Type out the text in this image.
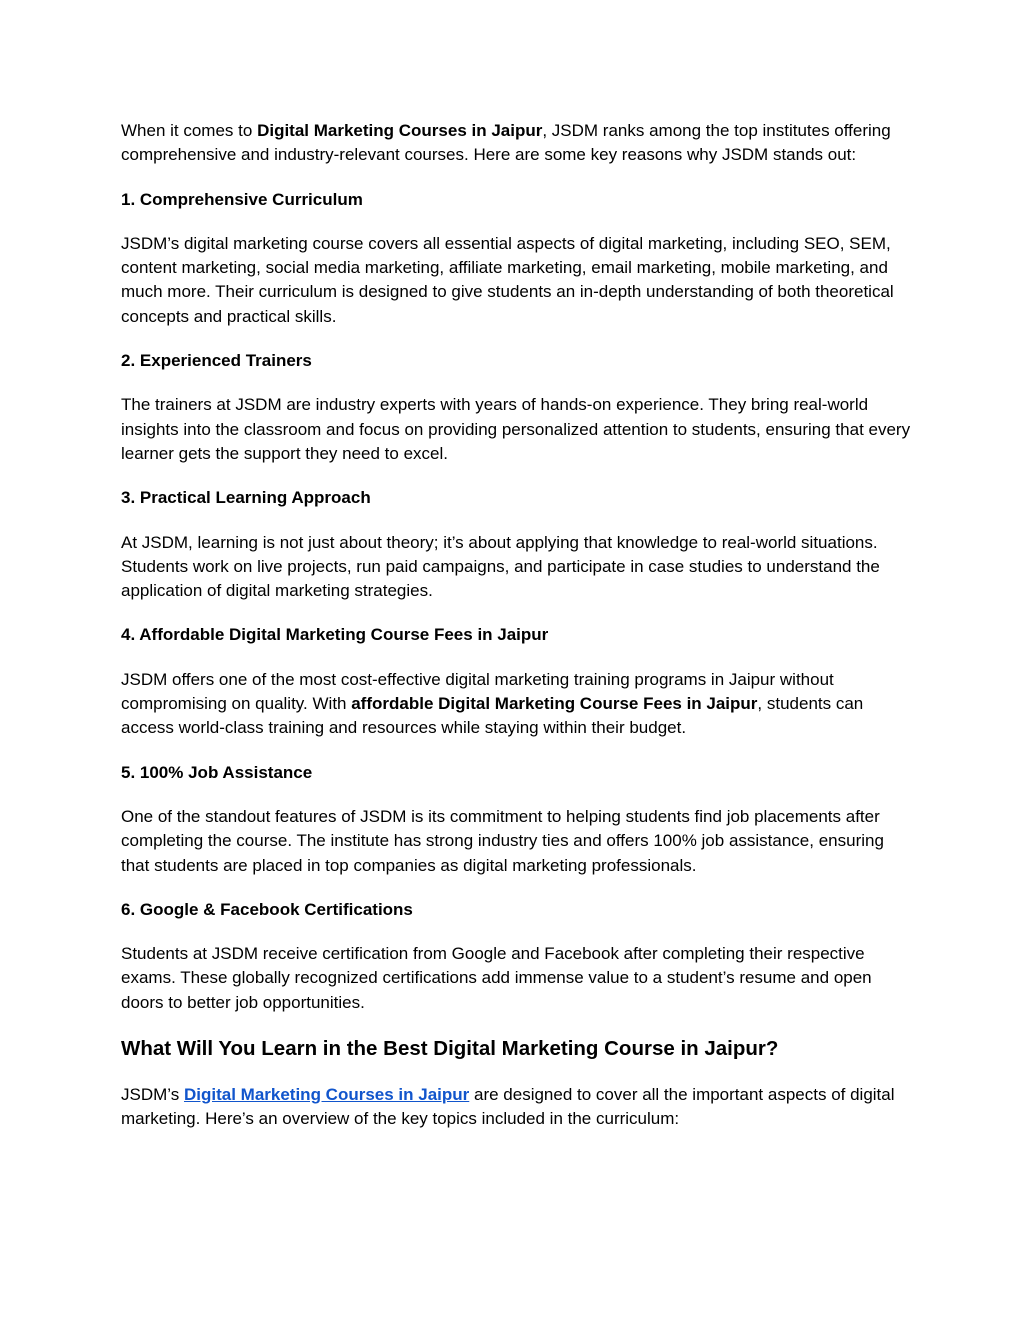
When it comes to Digital Marketing Courses in Jaipur, JSDM ranks among the top institutes offering comprehensive and industry-relevant courses. Here are some key reasons why JSDM stands out:

1. Comprehensive Curriculum

JSDM’s digital marketing course covers all essential aspects of digital marketing, including SEO, SEM, content marketing, social media marketing, affiliate marketing, email marketing, mobile marketing, and much more. Their curriculum is designed to give students an in-depth understanding of both theoretical concepts and practical skills.

2. Experienced Trainers

The trainers at JSDM are industry experts with years of hands-on experience. They bring real-world insights into the classroom and focus on providing personalized attention to students, ensuring that every learner gets the support they need to excel.

3. Practical Learning Approach

At JSDM, learning is not just about theory; it’s about applying that knowledge to real-world situations. Students work on live projects, run paid campaigns, and participate in case studies to understand the application of digital marketing strategies.

4. Affordable Digital Marketing Course Fees in Jaipur

JSDM offers one of the most cost-effective digital marketing training programs in Jaipur without compromising on quality. With affordable Digital Marketing Course Fees in Jaipur, students can access world-class training and resources while staying within their budget.

5. 100% Job Assistance

One of the standout features of JSDM is its commitment to helping students find job placements after completing the course. The institute has strong industry ties and offers 100% job assistance, ensuring that students are placed in top companies as digital marketing professionals.

6. Google & Facebook Certifications

Students at JSDM receive certification from Google and Facebook after completing their respective exams. These globally recognized certifications add immense value to a student’s resume and open doors to better job opportunities.

What Will You Learn in the Best Digital Marketing Course in Jaipur?

JSDM’s Digital Marketing Courses in Jaipur are designed to cover all the important aspects of digital marketing. Here’s an overview of the key topics included in the curriculum:
